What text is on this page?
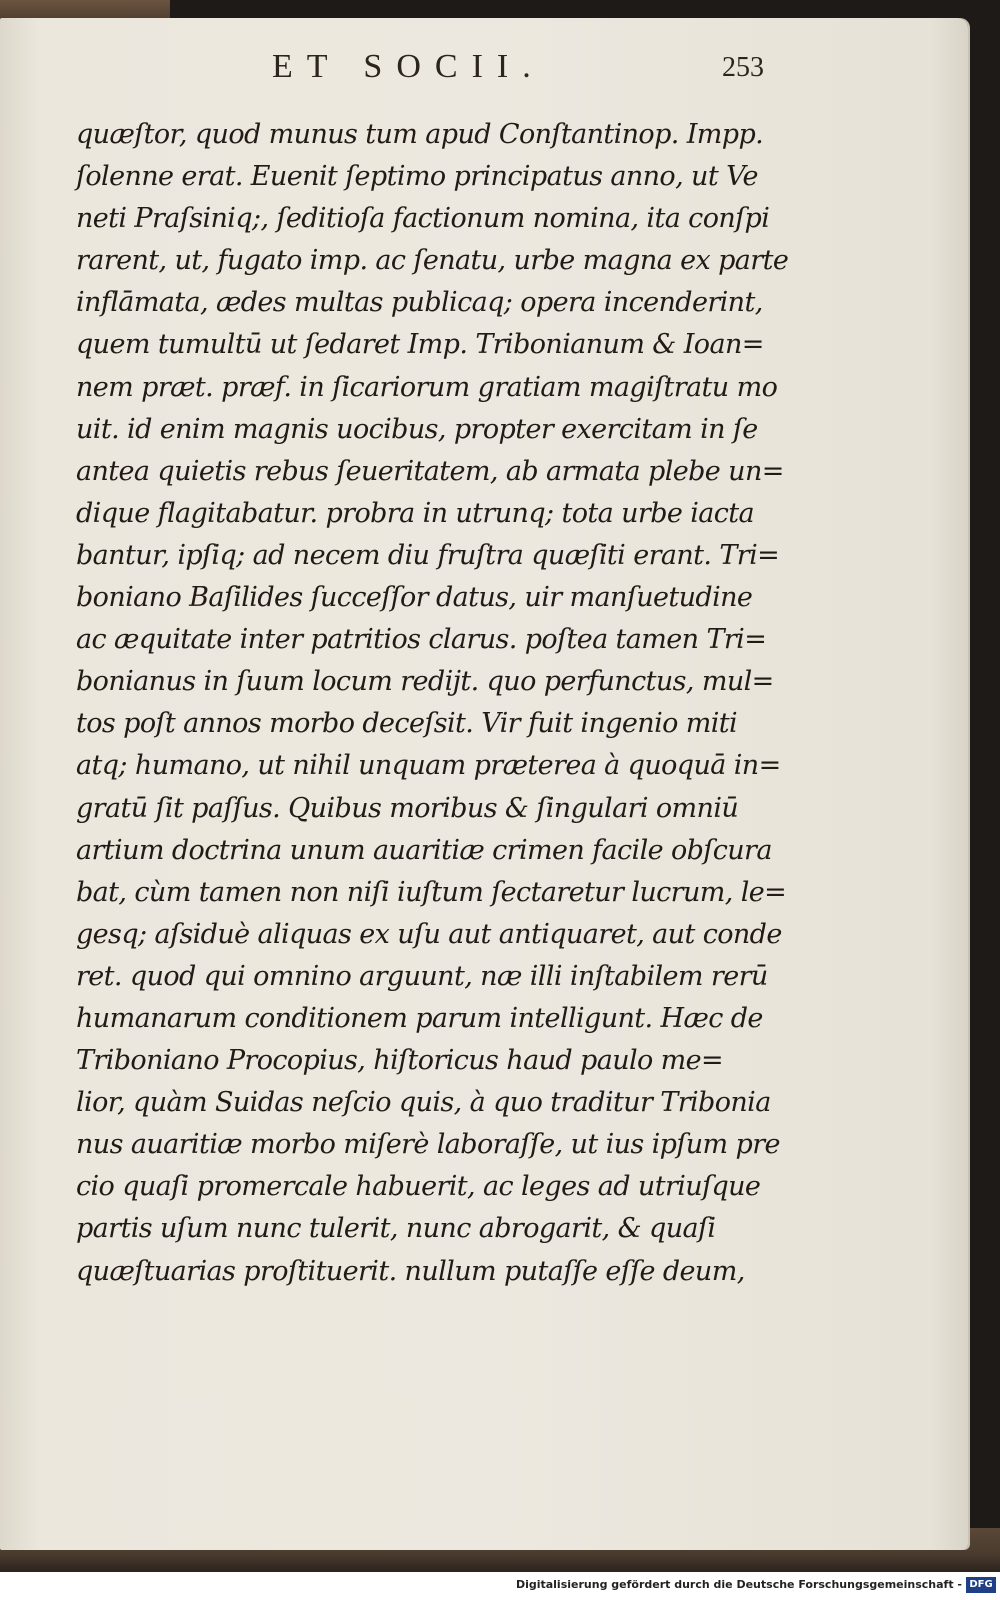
ET SOCII.	253
quæſtor, quod munus tum apud Conſtantinop. Impp.
ſolenne erat. Euenit ſeptimo principatus anno, ut Ve
neti Praſsiniq;, ſeditioſa factionum nomina, ita conſpi
rarent, ut, fugato imp. ac ſenatu, urbe magna ex parte
inflāmata, ædes multas publicaq; opera incenderint,
quem tumultū ut ſedaret Imp. Tribonianum & Ioan=
nem præt. præf. in ſicariorum gratiam magiſtratu mo
uit. id enim magnis uocibus, propter exercitam in ſe
antea quietis rebus ſeueritatem, ab armata plebe un=
dique flagitabatur. probra in utrunq; tota urbe iacta
bantur, ipſiq; ad necem diu fruſtra quæſiti erant. Tri=
boniano Baſilides ſucceſſor datus, uir manſuetudine
ac æquitate inter patritios clarus. poſtea tamen Tri=
bonianus in ſuum locum rediјt. quo perfunctus, mul=
tos poſt annos morbo deceſsit. Vir fuit ingenio miti
atq; humano, ut nihil unquam præterea à quoquā in=
gratū ſit paſſus. Quibus moribus & ſingulari omniū
artium doctrina unum auaritiæ crimen facile obſcura
bat, cùm tamen non niſi iuſtum ſectaretur lucrum, le=
gesq; aſsiduè aliquas ex uſu aut antiquaret, aut conde
ret. quod qui omnino arguunt, næ illi inſtabilem rerū
humanarum conditionem parum intelligunt. Hæc de
Triboniano Procopius, hiſtoricus haud paulo me=
lior, quàm Suidas neſcio quis, à quo traditur Tribonia
nus auaritiæ morbo miſerè laboraſſe, ut ius ipſum pre
cio quaſi promercale habuerit, ac leges ad utriuſque
partis uſum nunc tulerit, nunc abrogarit, & quaſi
quæſtuarias proſtituerit. nullum putaſſe eſſe deum,
Digitalisierung gefördert durch die Deutsche Forschungsgemeinschaft - DFG
